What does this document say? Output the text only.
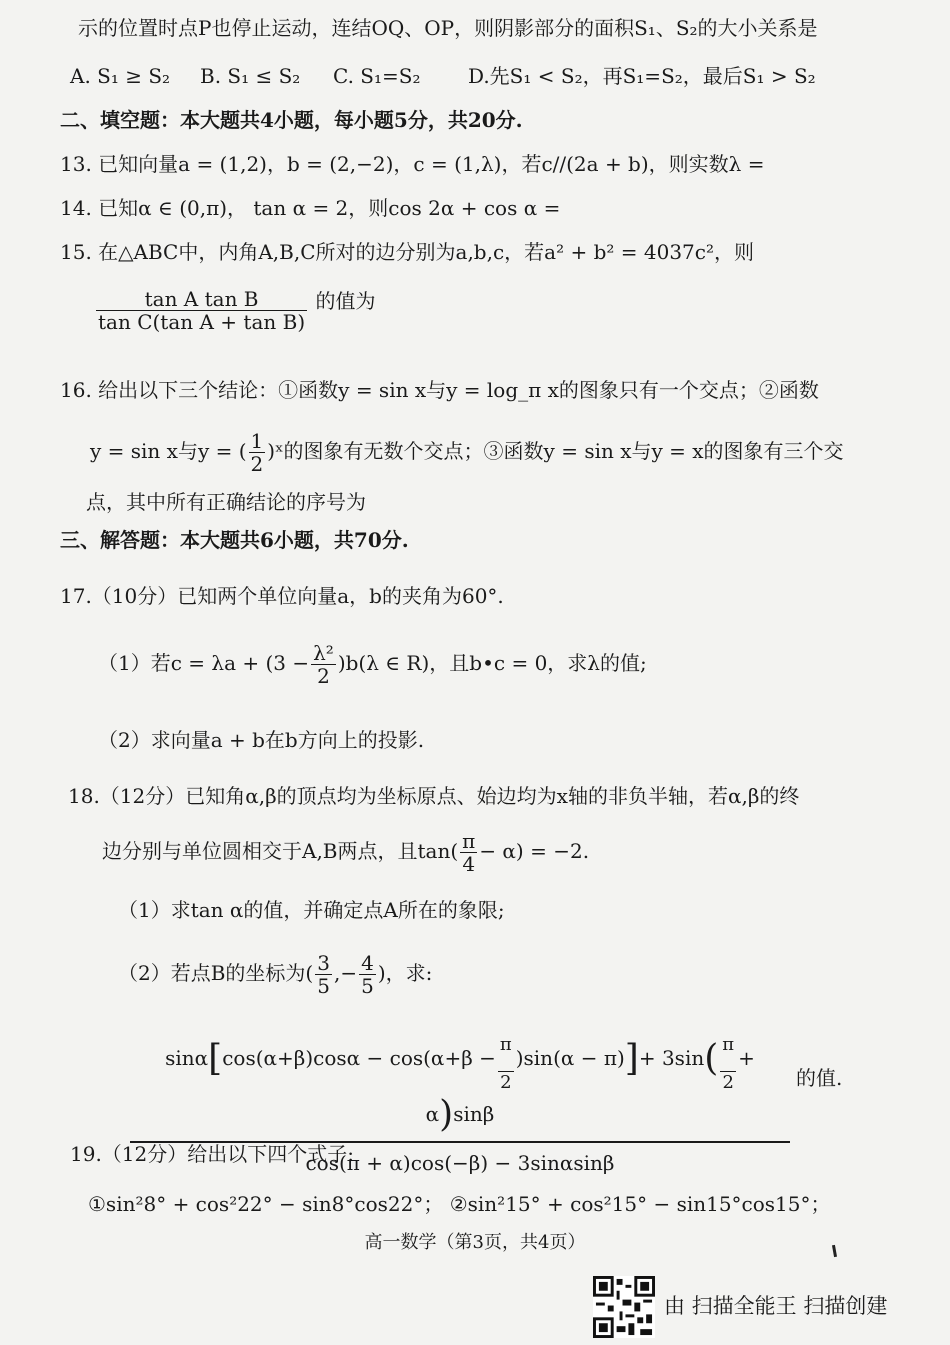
示的位置时点P也停止运动，连结OQ、OP，则阴影部分的面积S₁、S₂的大小关系是
A. S₁ ≥ S₂ B. S₁ ≤ S₂ C. S₁=S₂ D.先S₁ < S₂，再S₁=S₂，最后S₁ > S₂
二、填空题：本大题共4小题，每小题5分，共20分.
13. 已知向量a = (1,2)，b = (2,−2)，c = (1,λ)，若c//(2a + b)，则实数λ =
14. 已知α ∈ (0,π)， tan α = 2，则cos 2α + cos α =
15. 在△ABC中，内角A,B,C所对的边分别为a,b,c，若a² + b² = 4037c²，则
$\frac{\text{tan A tan B}}{\text{tan C(tan A + tan B)}}$ 的值为
16. 给出以下三个结论：①函数y = sin x与y = log_π x的图象只有一个交点；②函数
y = sin x与y = ( $\frac{1}{2}$ )ˣ的图象有无数个交点；③函数y = sin x与y = x的图象有三个交
点，其中所有正确结论的序号为
三、解答题：本大题共6小题，共70分.
17.（10分）已知两个单位向量a，b的夹角为60°.
（1）若$c = \lambda a + (3 - \frac{\text{λ²}}{2} )b(\lambda$ ∈ R)，且b•c = 0，求λ的值;
（2）求向量a + b在b方向上的投影.
18.（12分）已知角α,β的顶点均为坐标原点、始边均为x轴的非负半轴，若α,β的终
边分别与单位圆相交于A,B两点，且$\tan( \frac{\pi}{4} - \alpha) = -2$.
（1）求tan α的值，并确定点A所在的象限;
（2）若点B的坐标为( $\frac{3}{5}$ ,− $\frac{4}{5}$ )，求:
$\frac{\sin\alpha[\cos(\alpha+\beta)\cos\alpha - \cos(\alpha+\beta - \frac{\pi}{2} )\sin(\alpha - \pi)]+ 3\sin( \frac{\pi}{2} + \alpha)\sin\beta}{\cos(\pi + \alpha)\cos(-\beta) - 3\sin\alpha\sin\beta}$ 的值.
19.（12分）给出以下四个式子:
①sin²8° + cos²22° − sin8°cos22°； ②sin²15° + cos²15° − sin15°cos15°；
高一数学（第3页，共4页）
由 扫描全能王 扫描创建
